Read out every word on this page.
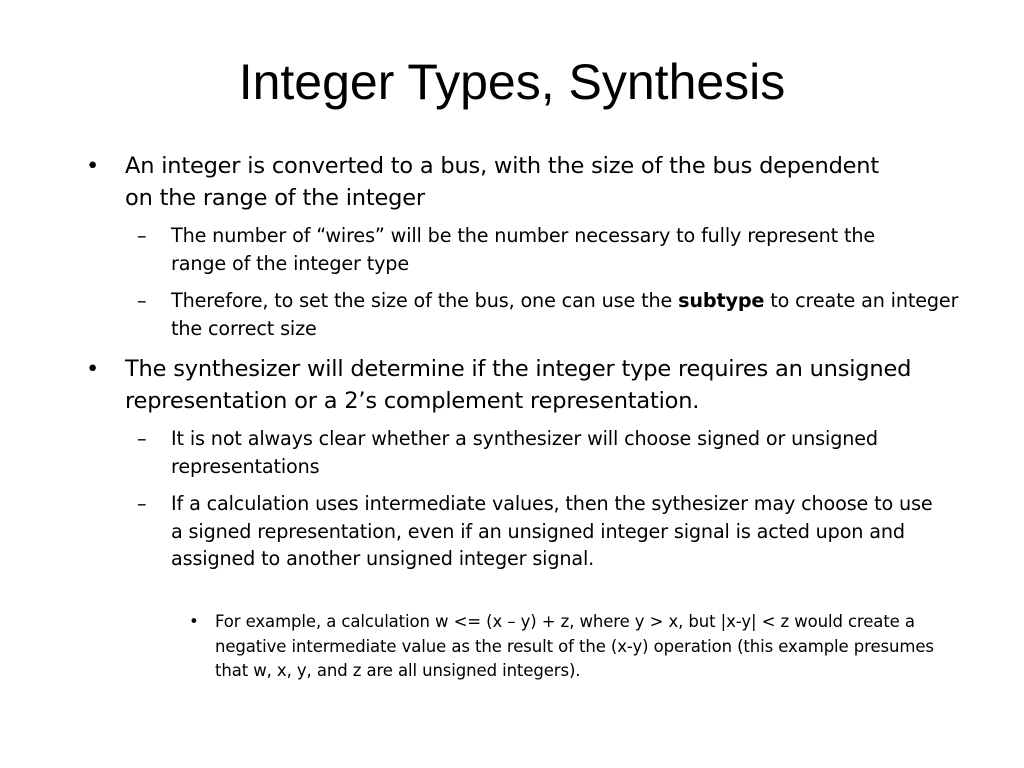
Integer Types, Synthesis
• An integer is converted to a bus, with the size of the bus dependent on the range of the integer
– The number of “wires” will be the number necessary to fully represent the range of the integer type
– Therefore, to set the size of the bus, one can use the subtype to create an integer the correct size
• The synthesizer will determine if the integer type requires an unsigned representation or a 2’s complement representation.
– It is not always clear whether a synthesizer will choose signed or unsigned representations
– If a calculation uses intermediate values, then the sythesizer may choose to use a signed representation, even if an unsigned integer signal is acted upon and assigned to another unsigned integer signal.
• For example, a calculation w <= (x – y) + z, where y > x, but |x-y| < z would create a negative intermediate value as the result of the (x-y) operation (this example presumes that w, x, y, and z are all unsigned integers).
